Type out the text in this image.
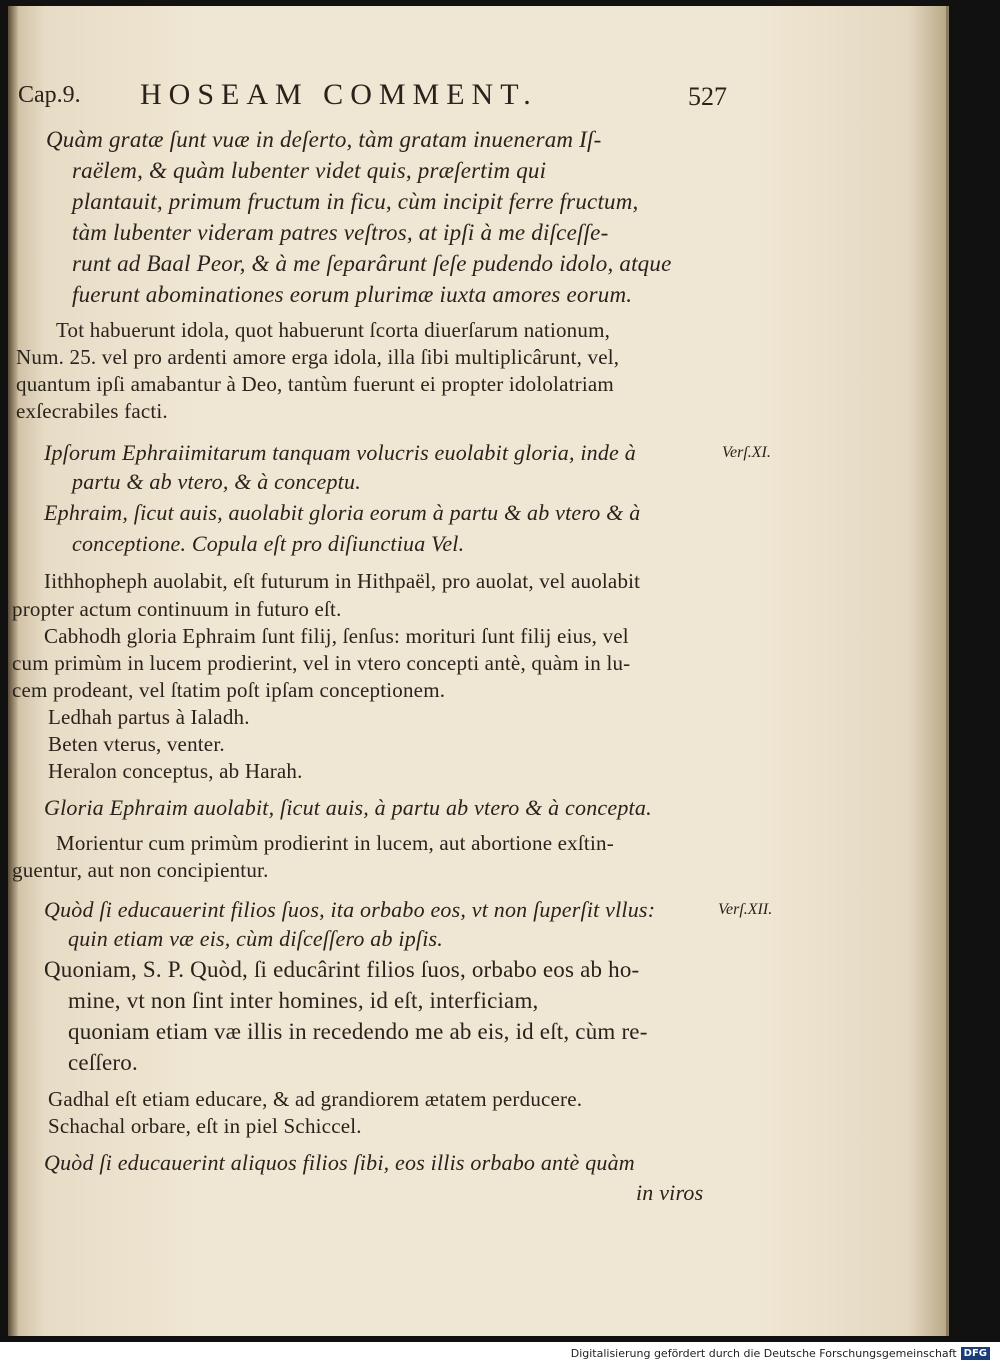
Cap.9. HOSEAM COMMENT.	527
Verſ.XI.
Verſ.XII.
Quàm gratæ ſunt vuæ in deſerto, tàm gratam inueneram Iſ-
raëlem, & quàm lubenter videt quis, præſertim qui
plantauit, primum fructum in ficu, cùm incipit ferre fructum,
tàm lubenter videram patres veſtros, at ipſi à me diſceſſe-
runt ad Baal Peor, & à me ſeparârunt ſeſe pudendo idolo, atque
fuerunt abominationes eorum plurimæ iuxta amores eorum.
Tot habuerunt idola, quot habuerunt ſcorta diuerſarum nationum,
Num. 25. vel pro ardenti amore erga idola, illa ſibi multiplicârunt, vel,
quantum ipſi amabantur à Deo, tantùm fuerunt ei propter idololatriam
exſecrabiles facti.
Ipſorum Ephraiimitarum tanquam volucris euolabit gloria, inde à
partu & ab vtero, & à conceptu.
Ephraim, ſicut auis, auolabit gloria eorum à partu & ab vtero & à
conceptione. Copula eſt pro diſiunctiua Vel.
Iithhopheph auolabit, eſt futurum in Hithpaël, pro auolat, vel auolabit
propter actum continuum in futuro eſt.
Cabhodh gloria Ephraim ſunt filij, ſenſus: morituri ſunt filij eius, vel
cum primùm in lucem prodierint, vel in vtero concepti antè, quàm in lu-
cem prodeant, vel ſtatim poſt ipſam conceptionem.
Ledhah partus à Ialadh.
Beten vterus, venter.
Heralon conceptus, ab Harah.
Gloria Ephraim auolabit, ſicut auis, à partu ab vtero & à concepta.
Morientur cum primùm prodierint in lucem, aut abortione exſtin-
guentur, aut non concipientur.
Quòd ſi educauerint filios ſuos, ita orbabo eos, vt non ſuperſit vllus:
quin etiam væ eis, cùm diſceſſero ab ipſis.
Quoniam, S. P. Quòd, ſi educârint filios ſuos, orbabo eos ab ho-
mine, vt non ſint inter homines, id eſt, interficiam,
quoniam etiam væ illis in recedendo me ab eis, id eſt, cùm re-
ceſſero.
Gadhal eſt etiam educare, & ad grandiorem ætatem perducere.
Schachal orbare, eſt in piel Schiccel.
Quòd ſi educauerint aliquos filios ſibi, eos illis orbabo antè quàm
in viros
Digitalisierung gefördert durch die Deutsche Forschungsgemeinschaft DFG
